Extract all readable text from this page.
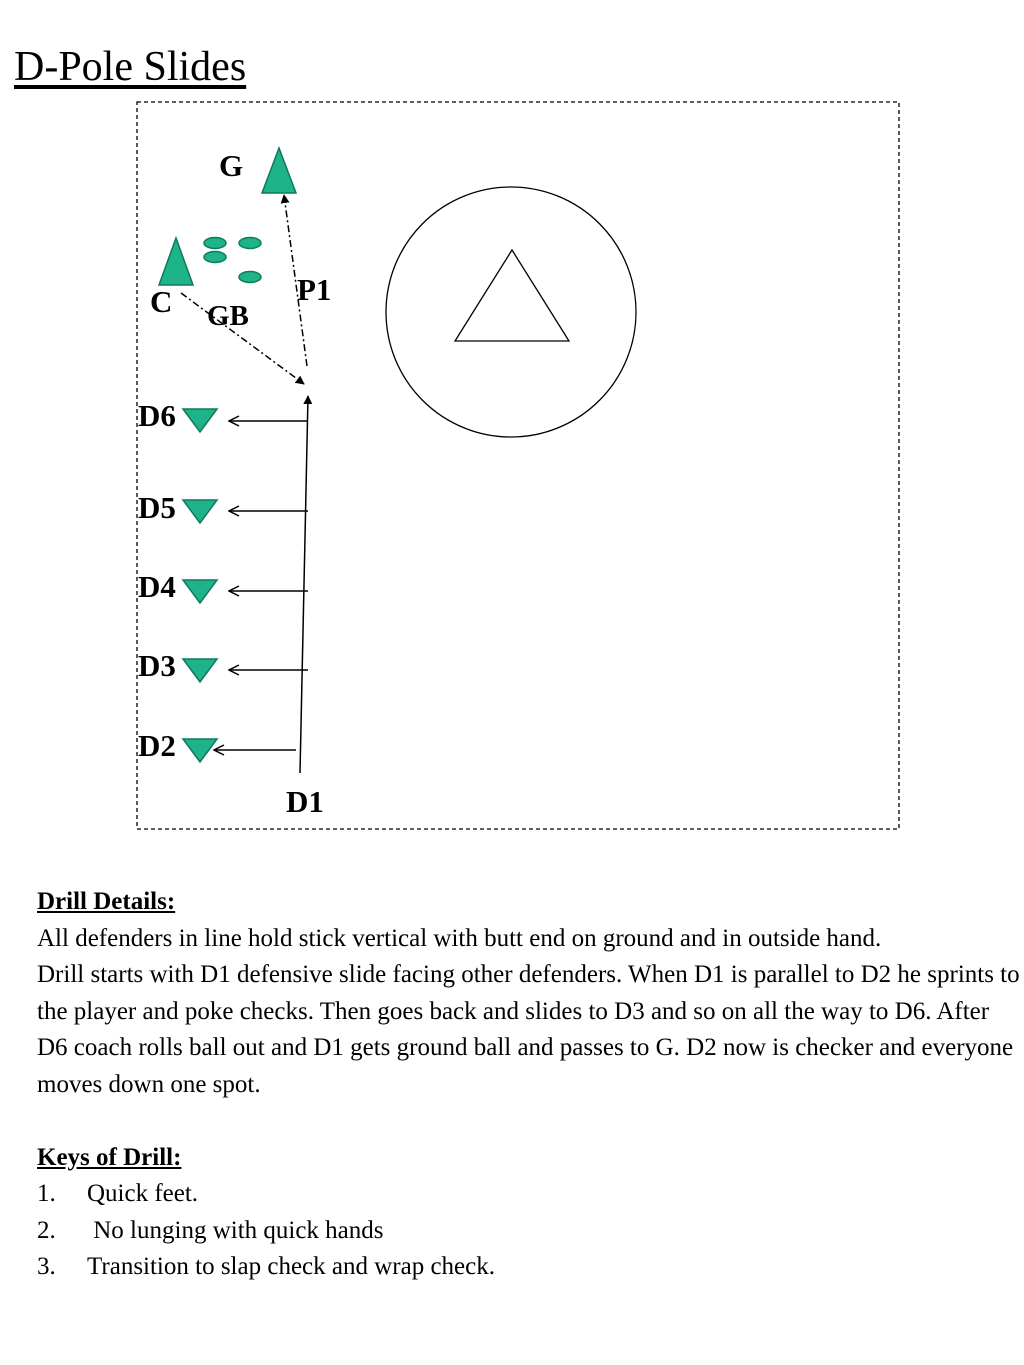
D-Pole Slides
G
C GB
P1
D1
D6
D5
D4
D3
D2

Drill Details:

All defenders in line hold stick vertical with butt end on ground and in outside hand.

Drill starts with D1 defensive slide facing other defenders. When D1 is parallel to D2 he sprints to the player and poke checks. Then goes back and slides to D3 and so on all the way to D6. After D6 coach rolls ball out and D1 gets ground ball and passes to G. D2 now is checker and everyone moves down one spot.

Keys of Drill:

1.	Quick feet.
2.	No lunging with quick hands
3.	Transition to slap check and wrap check.
